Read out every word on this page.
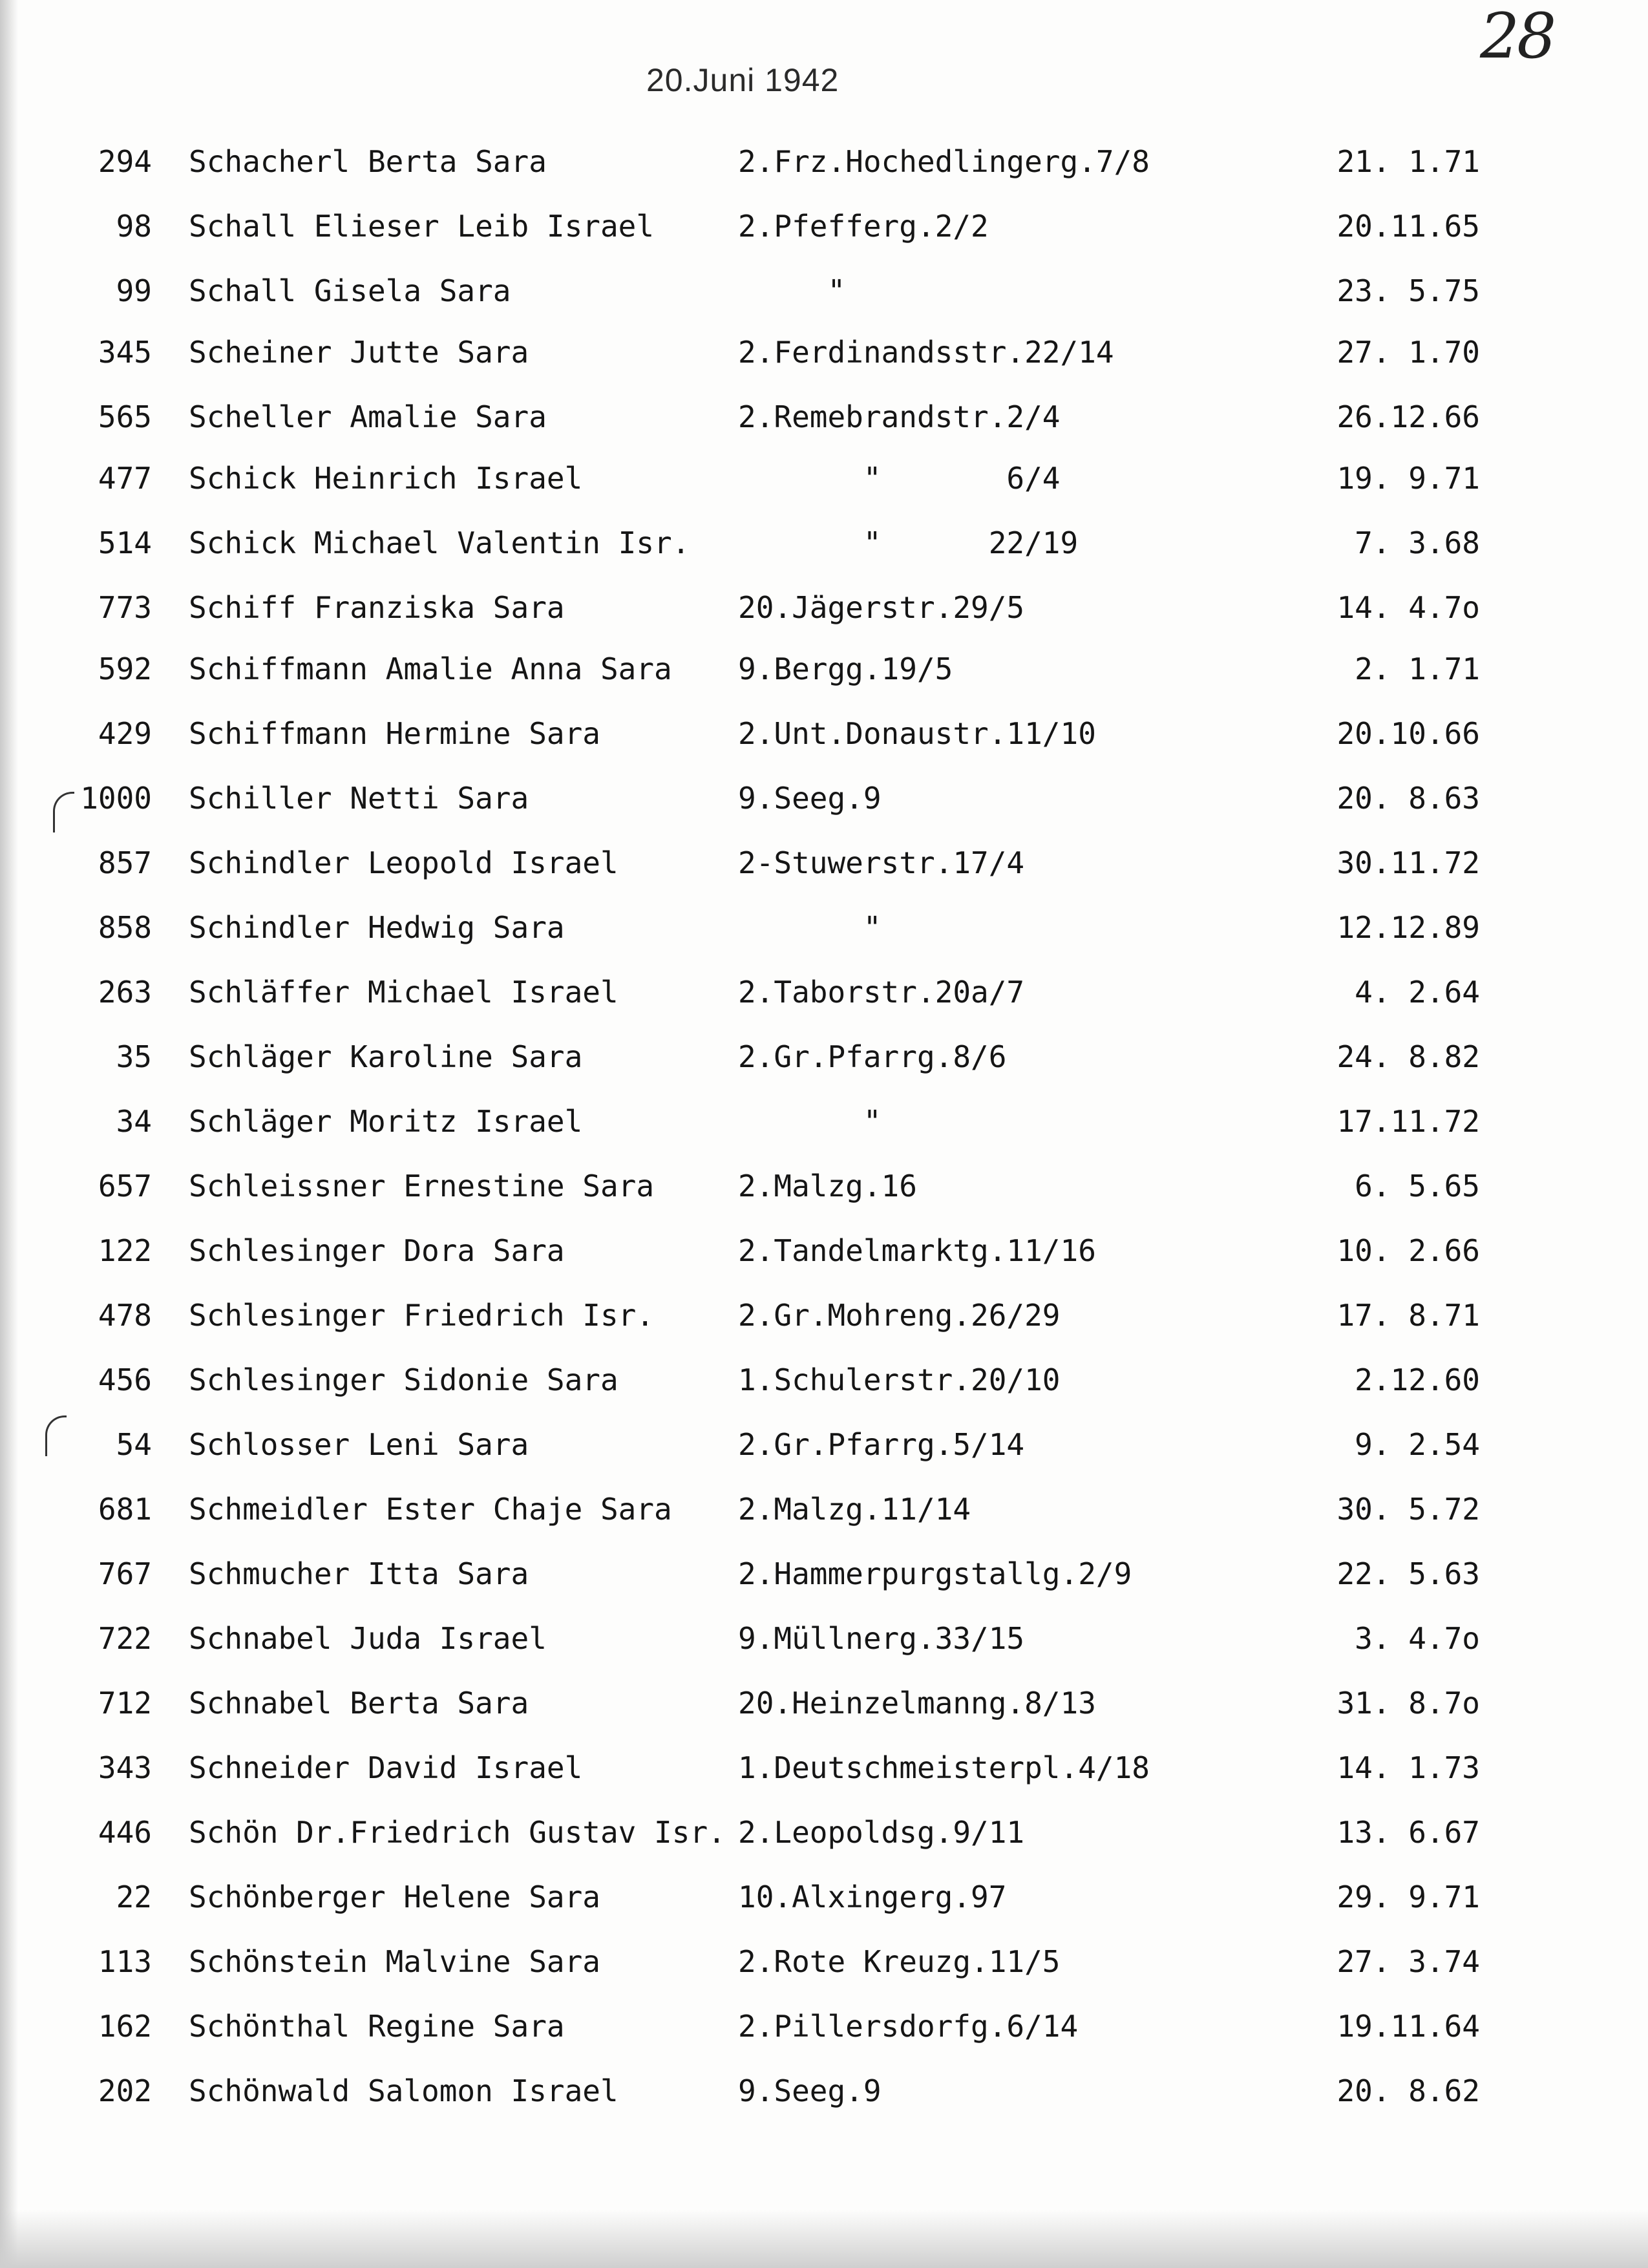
28
20.Juni 1942
294 Schacherl Berta Sara	2.Frz.Hochedlingerg.7/8	21. 1.71
98 Schall Elieser Leib Israel	2.Pfefferg.2/2	20.11.65
99 Schall Gisela Sara	"	23. 5.75
345 Scheiner Jutte Sara	2.Ferdinandsstr.22/14	27. 1.70
565 Scheller Amalie Sara	2.Remebrandstr.2/4	26.12.66
477 Schick Heinrich Israel	"       6/4	19. 9.71
514 Schick Michael Valentin Isr. "      22/19	7. 3.68
773 Schiff Franziska Sara	20.Jägerstr.29/5	14. 4.7o
592 Schiffmann Amalie Anna Sara 9.Bergg.19/5	2. 1.71
429 Schiffmann Hermine Sara	2.Unt.Donaustr.11/10	20.10.66
1000 Schiller Netti Sara	9.Seeg.9	20. 8.63
857 Schindler Leopold Israel	2-Stuwerstr.17/4	30.11.72
858 Schindler Hedwig Sara	"	12.12.89
263 Schläffer Michael Israel	2.Taborstr.20a/7	4. 2.64
35 Schläger Karoline Sara	2.Gr.Pfarrg.8/6	24. 8.82
34 Schläger Moritz Israel	"	17.11.72
657 Schleissner Ernestine Sara	2.Malzg.16	6. 5.65
122 Schlesinger Dora Sara	2.Tandelmarktg.11/16	10. 2.66
478 Schlesinger Friedrich Isr.	2.Gr.Mohreng.26/29	17. 8.71
456 Schlesinger Sidonie Sara	1.Schulerstr.20/10	2.12.60
54 Schlosser Leni Sara	2.Gr.Pfarrg.5/14	9. 2.54
681 Schmeidler Ester Chaje Sara 2.Malzg.11/14	30. 5.72
767 Schmucher Itta Sara	2.Hammerpurgstallg.2/9	22. 5.63
722 Schnabel Juda Israel	9.Müllnerg.33/15	3. 4.7o
712 Schnabel Berta Sara	20.Heinzelmanng.8/13	31. 8.7o
343 Schneider David Israel	1.Deutschmeisterpl.4/18	14. 1.73
446 Schön Dr.Friedrich Gustav Isr. 2.Leopoldsg.9/11	13. 6.67
22 Schönberger Helene Sara	10.Alxingerg.97	29. 9.71
113 Schönstein Malvine Sara	2.Rote Kreuzg.11/5	27. 3.74
162 Schönthal Regine Sara	2.Pillersdorfg.6/14	19.11.64
202 Schönwald Salomon Israel	9.Seeg.9	20. 8.62
